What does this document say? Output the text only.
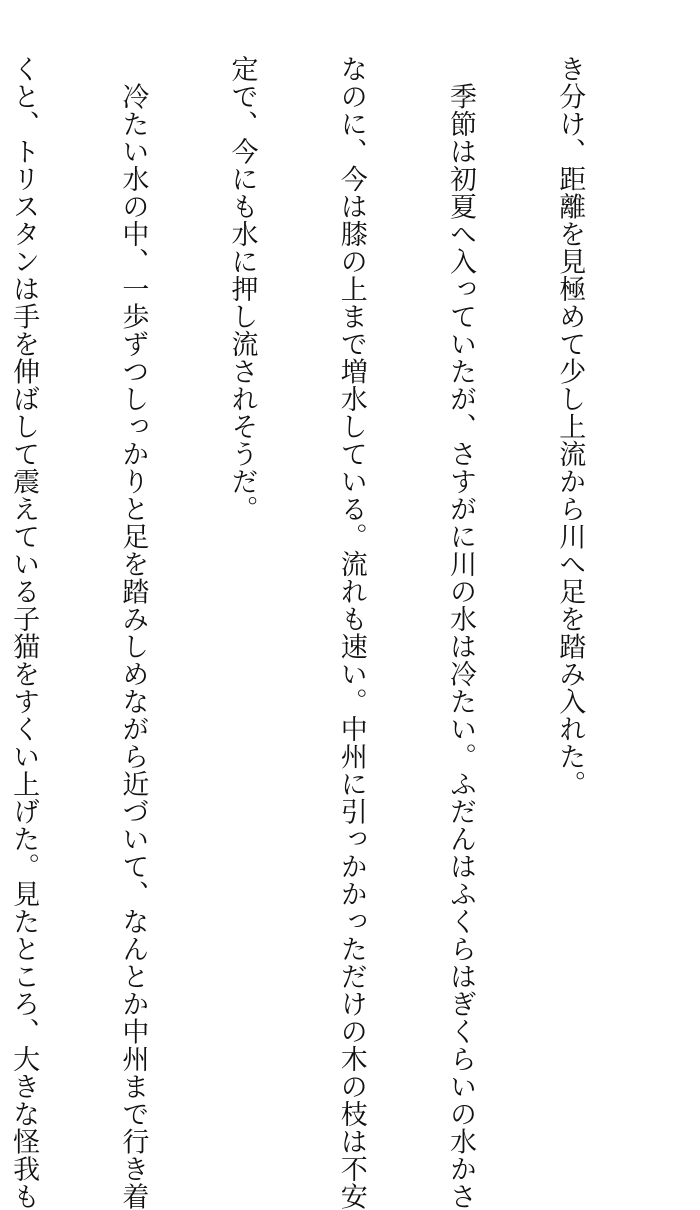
き分け、距離を見極めて少し上流から川へ足を踏み入れた。

　季節は初夏へ入っていたが、さすがに川の水は冷たい。ふだんはふくらはぎくらいの水かさ

なのに、今は膝の上まで増水している。流れも速い。中州に引っかかっただけの木の枝は不安

定で、今にも水に押し流されそうだ。

　冷たい水の中、一歩ずつしっかりと足を踏みしめながら近づいて、なんとか中州まで行き着

くと、トリスタンは手を伸ばして震えている子猫をすくい上げた。見たところ、大きな怪我も
